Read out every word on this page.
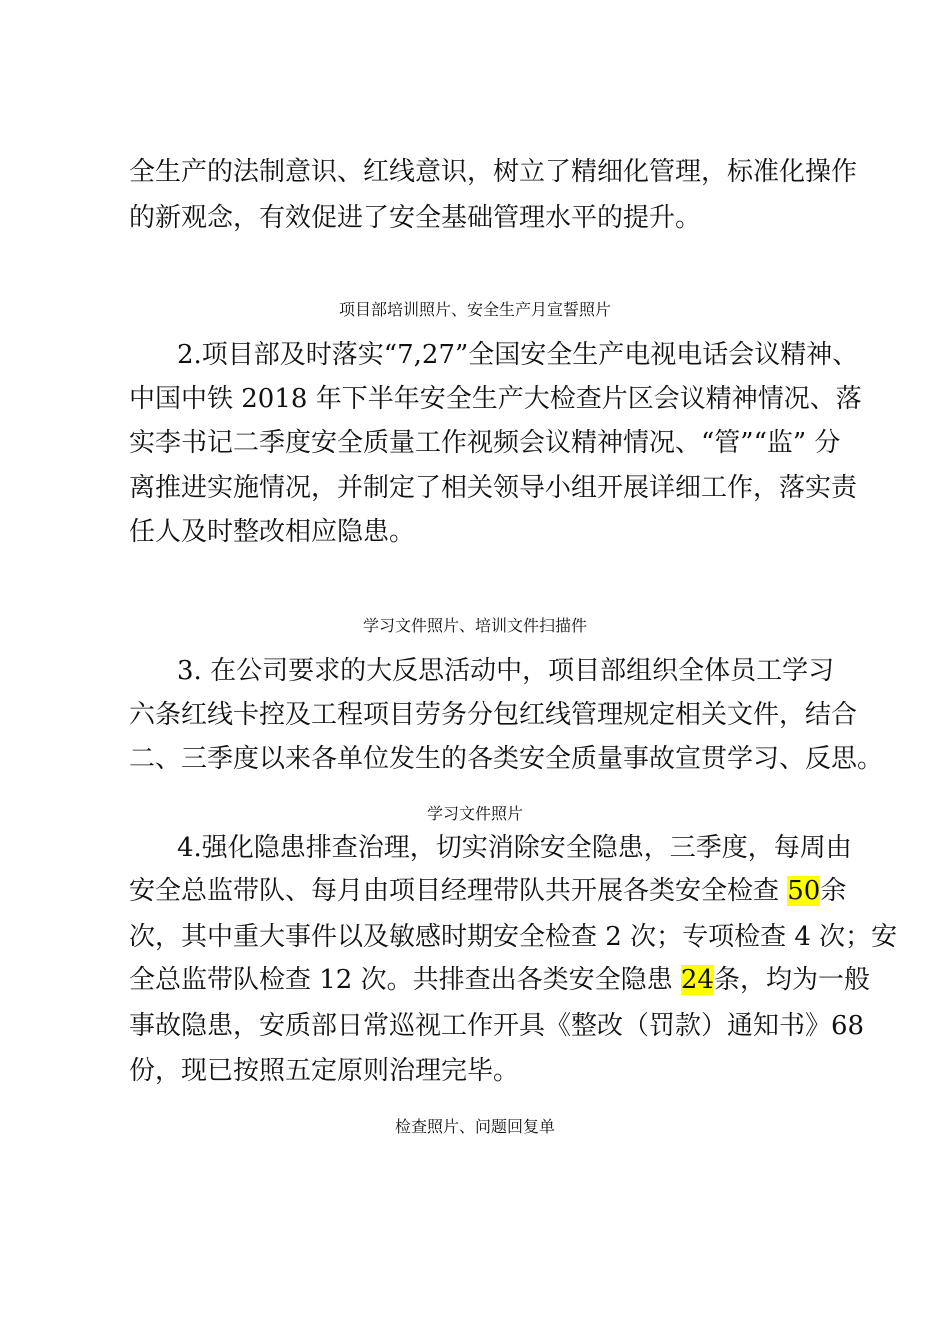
全生产的法制意识、红线意识，树立了精细化管理，标准化操作
的新观念，有效促进了安全基础管理水平的提升。
项目部培训照片、安全生产月宣誓照片
2.项目部及时落实“7,27”全国安全生产电视电话会议精神、
中国中铁 2018 年下半年安全生产大检查片区会议精神情况、落
实李书记二季度安全质量工作视频会议精神情况、“管”“监” 分
离推进实施情况，并制定了相关领导小组开展详细工作，落实责
任人及时整改相应隐患。
学习文件照片、培训文件扫描件
3. 在公司要求的大反思活动中，项目部组织全体员工学习
六条红线卡控及工程项目劳务分包红线管理规定相关文件，结合
二、三季度以来各单位发生的各类安全质量事故宣贯学习、反思。
学习文件照片
4.强化隐患排查治理，切实消除安全隐患，三季度，每周由
安全总监带队、每月由项目经理带队共开展各类安全检查 50余
次，其中重大事件以及敏感时期安全检查 2 次；专项检查 4 次；安
全总监带队检查 12 次。共排查出各类安全隐患 24条，均为一般
事故隐患，安质部日常巡视工作开具《整改（罚款）通知书》68
份，现已按照五定原则治理完毕。
检查照片、问题回复单
